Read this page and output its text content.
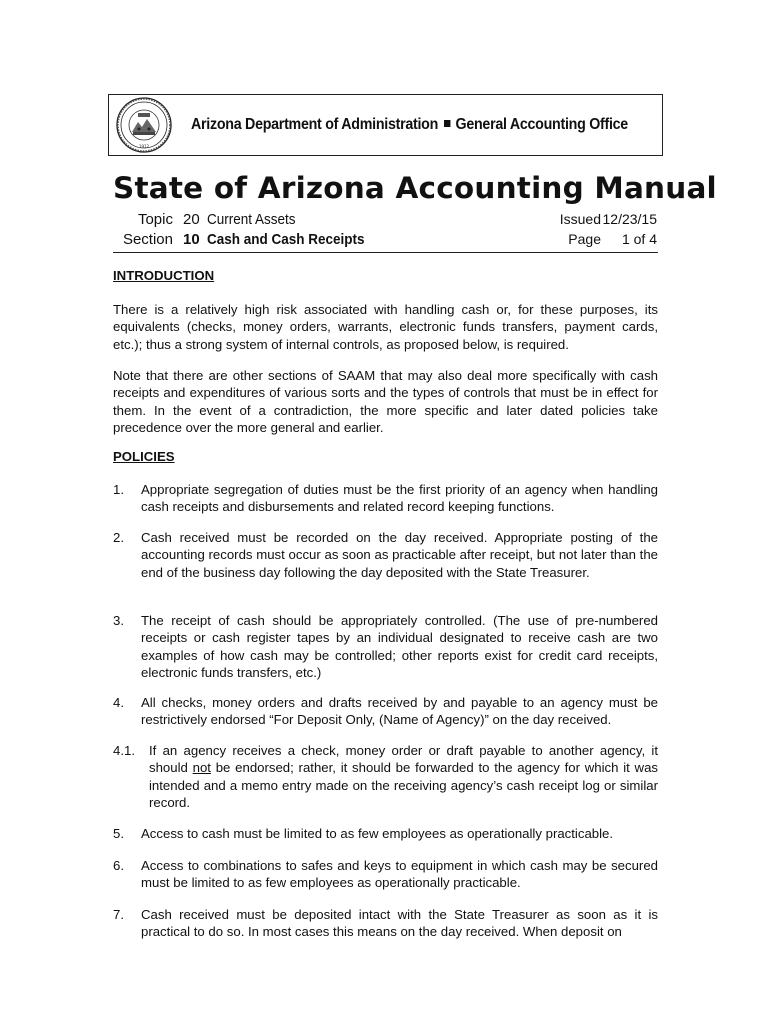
1912
Arizona Department of Administration General Accounting Office
State of Arizona Accounting Manual
Topic 20 Current Assets
Section 10 Cash and Cash Receipts
Issued 12/23/15
Page 1 of 4
INTRODUCTION

There is a relatively high risk associated with handling cash or, for these purposes, its equivalents (checks, money orders, warrants, electronic funds transfers, payment cards, etc.); thus a strong system of internal controls, as proposed below, is required.

Note that there are other sections of SAAM that may also deal more specifically with cash receipts and expenditures of various sorts and the types of controls that must be in effect for them. In the event of a contradiction, the more specific and later dated policies take precedence over the more general and earlier.

POLICIES
1. Appropriate segregation of duties must be the first priority of an agency when handling cash receipts and disbursements and related record keeping functions.
2. Cash received must be recorded on the day received. Appropriate posting of the accounting records must occur as soon as practicable after receipt, but not later than the end of the business day following the day deposited with the State Treasurer.
3. The receipt of cash should be appropriately controlled. (The use of pre-numbered receipts or cash register tapes by an individual designated to receive cash are two examples of how cash may be controlled; other reports exist for credit card receipts, electronic funds transfers, etc.)
4. All checks, money orders and drafts received by and payable to an agency must be restrictively endorsed “For Deposit Only, (Name of Agency)” on the day received.
4.1. If an agency receives a check, money order or draft payable to another agency, it should not be endorsed; rather, it should be forwarded to the agency for which it was intended and a memo entry made on the receiving agency’s cash receipt log or similar record.
5. Access to cash must be limited to as few employees as operationally practicable.
6. Access to combinations to safes and keys to equipment in which cash may be secured must be limited to as few employees as operationally practicable.
7. Cash received must be deposited intact with the State Treasurer as soon as it is practical to do so. In most cases this means on the day received. When deposit on
